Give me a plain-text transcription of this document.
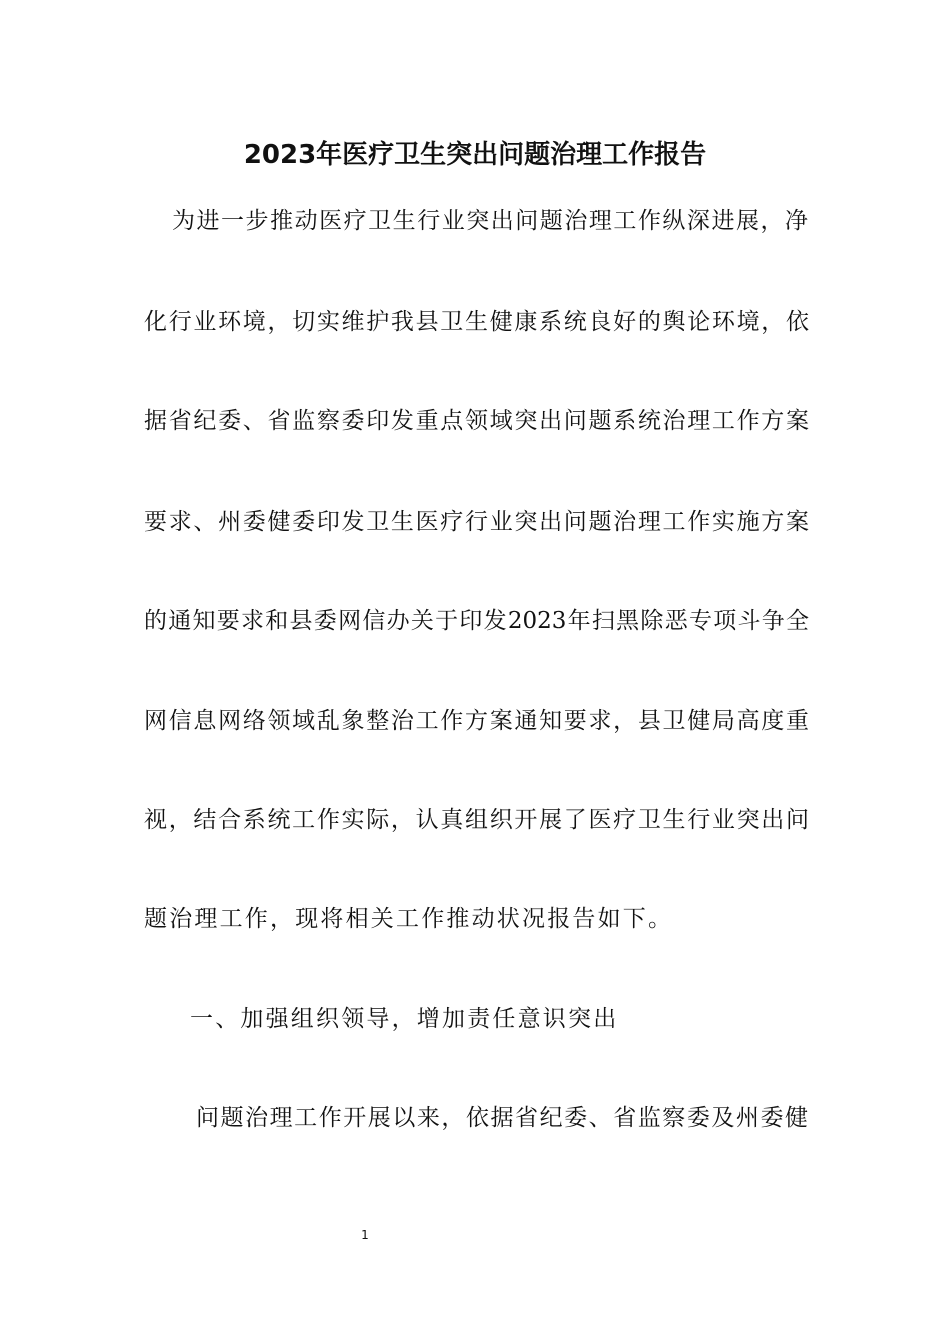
2023年医疗卫生突出问题治理工作报告
为进一步推动医疗卫生行业突出问题治理工作纵深进展，净
化行业环境，切实维护我县卫生健康系统良好的舆论环境，依
据省纪委、省监察委印发重点领域突出问题系统治理工作方案
要求、州委健委印发卫生医疗行业突出问题治理工作实施方案
的通知要求和县委网信办关于印发2023年扫黑除恶专项斗争全
网信息网络领域乱象整治工作方案通知要求，县卫健局高度重
视，结合系统工作实际，认真组织开展了医疗卫生行业突出问
题治理工作，现将相关工作推动状况报告如下。
一、加强组织领导，增加责任意识突出
问题治理工作开展以来，依据省纪委、省监察委及州委健
1
